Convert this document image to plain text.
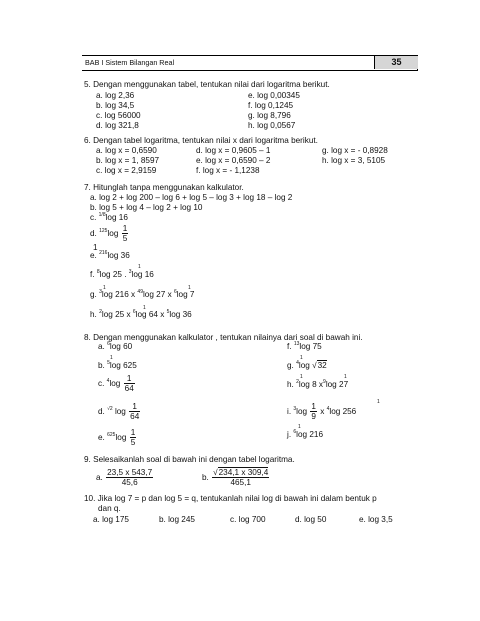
BAB I Sistem Bilangan Real	35
5. Dengan menggunakan tabel, tentukan nilai dari logaritma berikut.
a. log 2,36
b. log 34,5
c. log 56000
d. log 321,8
e. log 0,00345
f. log 0,1245
g. log 8,796
h. log 0,0567
6. Dengan tabel logaritma, tentukan nilai x dari logaritma berikut.
a. log x = 0,6590
b. log x = 1, 8597
c. log x = 2,9159
d. log x = 0,9605 – 1
e. log x = 0,6590 – 2
f. log x = - 1,1238
g. log x = - 0,8928
h. log x = 3, 5105
7. Hitunglah tanpa menggunakan kalkulator.
a. log 2 + log 200 – log 6 + log 5 – log 3 + log 18 – log 2
b. log 5 + log 4 – log 2 + log 10
c. $^{1/8}$log 16
d. $^{125}\log \frac{1}{5}$
1
e. $^{216}$log 36
1
f. $^8$log 25 . $^3$log 16
1	1
g. $^3$log 216 x $^{49}$log 27 x $^6$log 7
1
h. $^2$log 25 x $^6$log 64 x $^5$log 36
8. Dengan menggunakan kalkulator , tentukan nilainya dari soal di bawah ini.
a. $^6$log 60
1
b. $^5$log 625
c. $^4\log \frac{1}{64}$
d. $^{√2}$ $\log \frac{1}{64}$
e. $^{625}\log \frac{1}{5}$
f. $^{13}$log 75
1
g. $^4$log √32
1	1
h. $^2$log 8 $x^9\log$ 27
1
i. $^3\log \frac{1}{9}$ x $^4$log 256
1
j. $^6$log 216
9. Selesaikanlah soal di bawah ini dengan tabel logaritma.
a. $\frac{23,5 x 543,7}{45,6}$	b. $\frac{√234,1 x 309,4}{465,1}$
10. Jika log 7 = p dan log 5 = q, tentukanlah nilai log di bawah ini dalam bentuk p
dan q.
a. log 175	b. log 245	c. log 700	d. log 50	e. log 3,5
